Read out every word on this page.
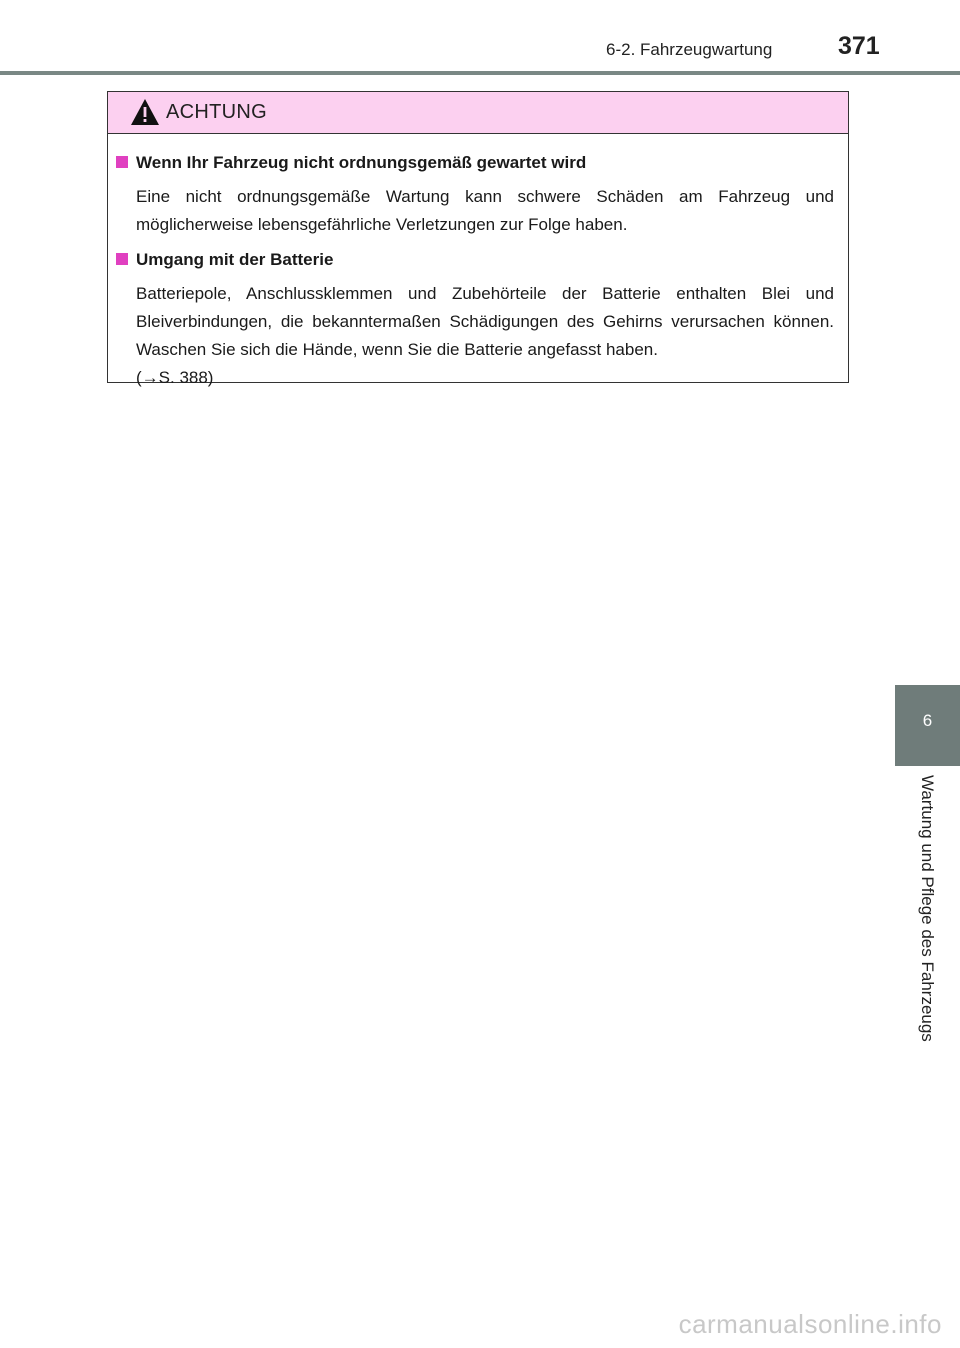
6-2. Fahrzeugwartung	371
ACHTUNG
Wenn Ihr Fahrzeug nicht ordnungsgemäß gewartet wird
Eine nicht ordnungsgemäße Wartung kann schwere Schäden am Fahrzeug und möglicherweise lebensgefährliche Verletzungen zur Folge haben.
Umgang mit der Batterie
Batteriepole, Anschlussklemmen und Zubehörteile der Batterie enthalten Blei und Bleiverbindungen, die bekanntermaßen Schädigungen des Gehirns verursachen können. Waschen Sie sich die Hände, wenn Sie die Batterie angefasst haben.
(→S. 388)
6
Wartung und Pflege des Fahrzeugs
carmanualsonline.info
